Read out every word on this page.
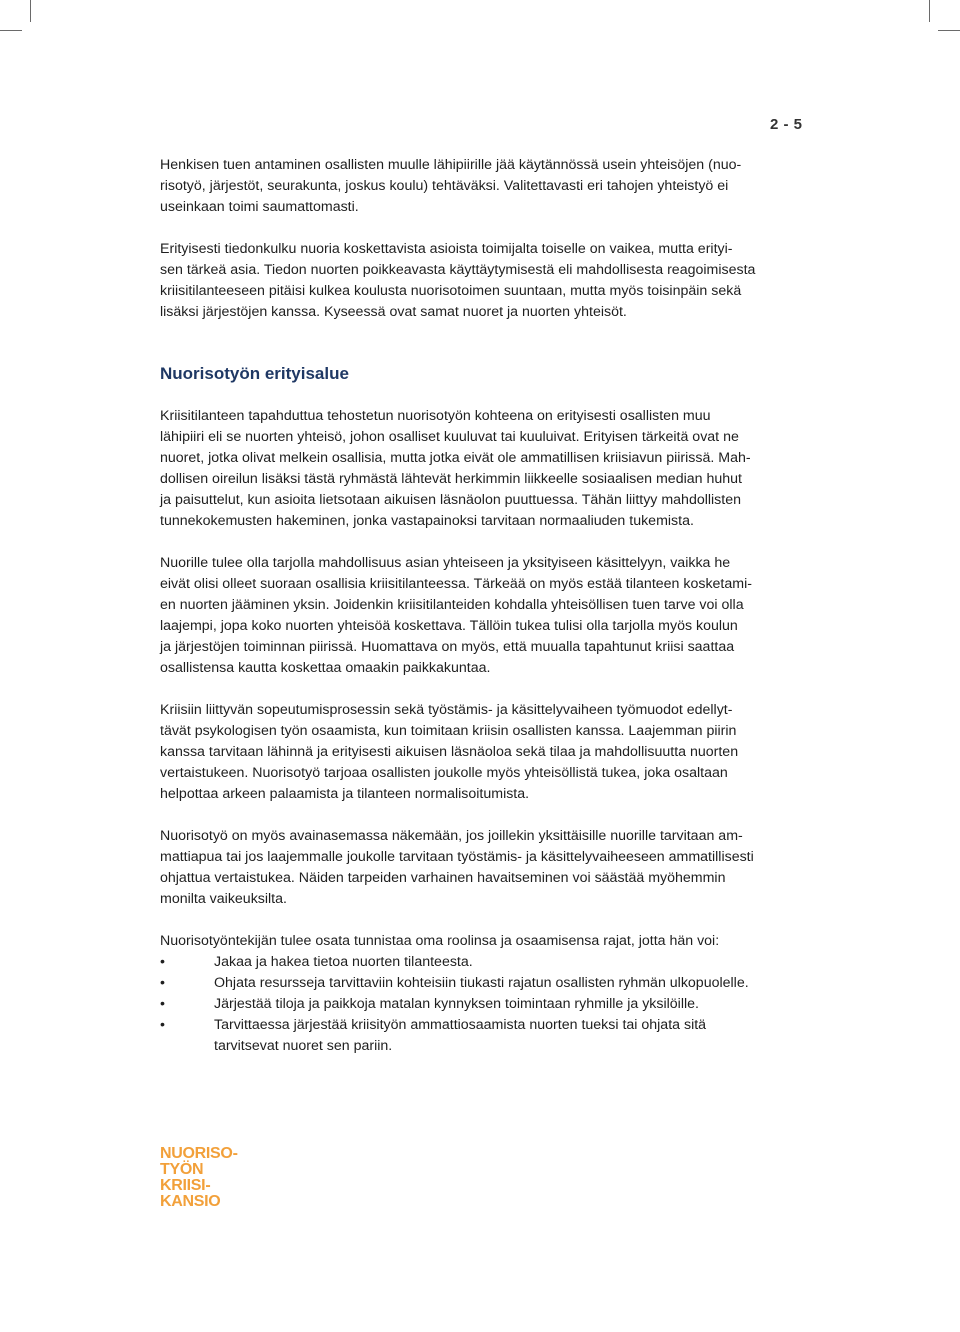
2 - 5

Henkisen tuen antaminen osallisten muulle lähipiirille jää käytännössä usein yhteisöjen (nuo-
risotyö, järjestöt, seurakunta, joskus koulu) tehtäväksi. Valitettavasti eri tahojen yhteistyö ei
useinkaan toimi saumattomasti.

Erityisesti tiedonkulku nuoria koskettavista asioista toimijalta toiselle on vaikea, mutta erityi-
sen tärkeä asia. Tiedon nuorten poikkeavasta käyttäytymisestä eli mahdollisesta reagoimisesta
kriisitilanteeseen pitäisi kulkea koulusta nuorisotoimen suuntaan, mutta myös toisinpäin sekä
lisäksi järjestöjen kanssa. Kyseessä ovat samat nuoret ja nuorten yhteisöt.

Nuorisotyön erityisalue

Kriisitilanteen tapahduttua tehostetun nuorisotyön kohteena on erityisesti osallisten muu
lähipiiri eli se nuorten yhteisö, johon osalliset kuuluvat tai kuuluivat. Erityisen tärkeitä ovat ne
nuoret, jotka olivat melkein osallisia, mutta jotka eivät ole ammatillisen kriisiavun piirissä. Mah-
dollisen oireilun lisäksi tästä ryhmästä lähtevät herkimmin liikkeelle sosiaalisen median huhut
ja paisuttelut, kun asioita lietsotaan aikuisen läsnäolon puuttuessa. Tähän liittyy mahdollisten
tunnekokemusten hakeminen, jonka vastapainoksi tarvitaan normaaliuden tukemista.

Nuorille tulee olla tarjolla mahdollisuus asian yhteiseen ja yksityiseen käsittelyyn, vaikka he
eivät olisi olleet suoraan osallisia kriisitilanteessa. Tärkeää on myös estää tilanteen kosketami-
en nuorten jääminen yksin. Joidenkin kriisitilanteiden kohdalla yhteisöllisen tuen tarve voi olla
laajempi, jopa koko nuorten yhteisöä koskettava. Tällöin tukea tulisi olla tarjolla myös koulun
ja järjestöjen toiminnan piirissä. Huomattava on myös, että muualla tapahtunut kriisi saattaa
osallistensa kautta koskettaa omaakin paikkakuntaa.

Kriisiin liittyvän sopeutumisprosessin sekä työstämis- ja käsittelyvaiheen työmuodot edellyt-
tävät psykologisen työn osaamista, kun toimitaan kriisin osallisten kanssa. Laajemman piirin
kanssa tarvitaan lähinnä ja erityisesti aikuisen läsnäoloa sekä tilaa ja mahdollisuutta nuorten
vertaistukeen. Nuorisotyö tarjoaa osallisten joukolle myös yhteisöllistä tukea, joka osaltaan
helpottaa arkeen palaamista ja tilanteen normalisoitumista.

Nuorisotyö on myös avainasemassa näkemään, jos joillekin yksittäisille nuorille tarvitaan am-
mattiapua tai jos laajemmalle joukolle tarvitaan työstämis- ja käsittelyvaiheeseen ammatillisesti
ohjattua vertaistukea. Näiden tarpeiden varhainen havaitseminen voi säästää myöhemmin
monilta vaikeuksilta.

Nuorisotyöntekijän tulee osata tunnistaa oma roolinsa ja osaamisensa rajat, jotta hän voi:

•	Jakaa ja hakea tietoa nuorten tilanteesta.
•	Ohjata resursseja tarvittaviin kohteisiin tiukasti rajatun osallisten ryhmän ulkopuolelle.
•	Järjestää tiloja ja paikkoja matalan kynnyksen toimintaan ryhmille ja yksilöille.
•	Tarvittaessa järjestää kriisityön ammattiosaamista nuorten tueksi tai ohjata sitä
tarvitsevat nuoret sen pariin.
NUORISO-
TYÖN
KRIISI-
KANSIO
